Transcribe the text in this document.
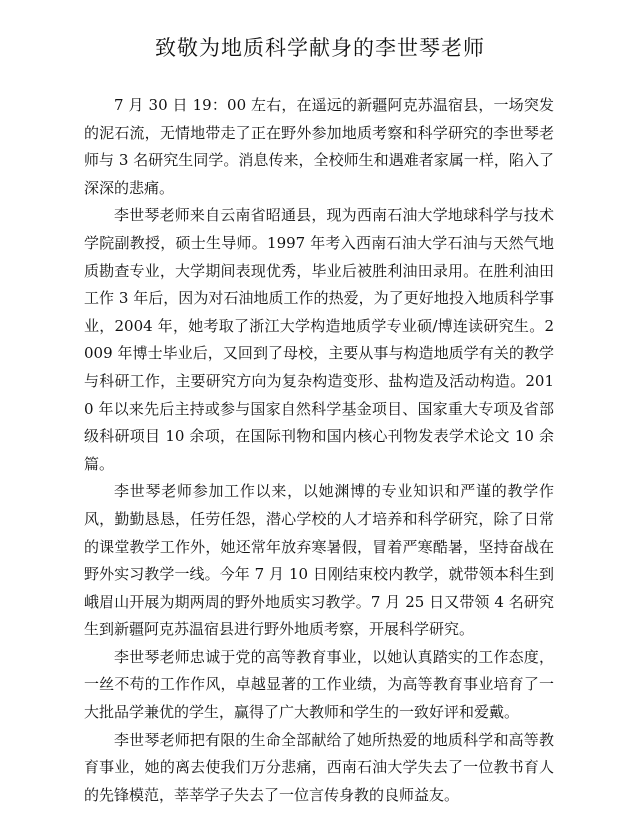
致敬为地质科学献身的李世琴老师

7 月 30 日 19：00 左右，在遥远的新疆阿克苏温宿县，一场突发的泥石流，无情地带走了正在野外参加地质考察和科学研究的李世琴老师与 3 名研究生同学。消息传来，全校师生和遇难者家属一样，陷入了深深的悲痛。

李世琴老师来自云南省昭通县，现为西南石油大学地球科学与技术学院副教授，硕士生导师。1997 年考入西南石油大学石油与天然气地质勘查专业，大学期间表现优秀，毕业后被胜利油田录用。在胜利油田工作 3 年后，因为对石油地质工作的热爱，为了更好地投入地质科学事业，2004 年，她考取了浙江大学构造地质学专业硕/博连读研究生。2009 年博士毕业后，又回到了母校，主要从事与构造地质学有关的教学与科研工作，主要研究方向为复杂构造变形、盐构造及活动构造。2010 年以来先后主持或参与国家自然科学基金项目、国家重大专项及省部级科研项目 10 余项，在国际刊物和国内核心刊物发表学术论文 10 余篇。

李世琴老师参加工作以来，以她渊博的专业知识和严谨的教学作风，勤勤恳恳，任劳任怨，潜心学校的人才培养和科学研究，除了日常的课堂教学工作外，她还常年放弃寒暑假，冒着严寒酷暑，坚持奋战在野外实习教学一线。今年 7 月 10 日刚结束校内教学，就带领本科生到峨眉山开展为期两周的野外地质实习教学。7 月 25 日又带领 4 名研究生到新疆阿克苏温宿县进行野外地质考察，开展科学研究。

李世琴老师忠诚于党的高等教育事业，以她认真踏实的工作态度，一丝不苟的工作作风，卓越显著的工作业绩，为高等教育事业培育了一大批品学兼优的学生，赢得了广大教师和学生的一致好评和爱戴。

李世琴老师把有限的生命全部献给了她所热爱的地质科学和高等教育事业，她的离去使我们万分悲痛，西南石油大学失去了一位教书育人的先锋模范，莘莘学子失去了一位言传身教的良师益友。
